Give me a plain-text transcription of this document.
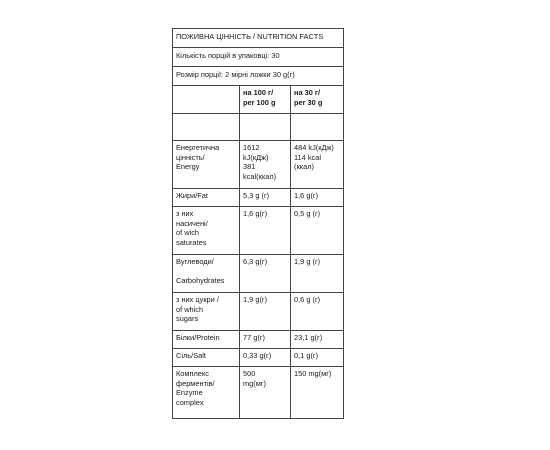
ПОЖИВНА ЦІННІСТЬ / NUTRITION FACTS		
Кількість порцій в упаковці: 30		
Розмір порції: 2 мірні ложки 30 g(г)		
	на 100 г/
per 100 g	на 30 г/
per 30 g

Енергетична
цінність/
Energy	1612
kJ(кДж)
381
kcal(ккал)	484 kJ(кДж)
114 kcal (ккал)
Жири/Fat	5,3 g (г)	1,6 g(г)
з них
насичені/
of wich
saturates	1,6 g(г)	0,5 g (г)
Вуглеводи/

Carbohydrates	6,3 g(г)	1,9 g (г)
з них цукри /
of which
sugars	1,9 g(г)	0,6 g (г)
Білки/Protein	77 g(г)	23,1 g(г)
Сіль/Salt	0,33 g(г)	0,1 g(г)
Комплекс
ферментів/
Enzyme
complex	500
mg(мг)	150 mg(мг)
